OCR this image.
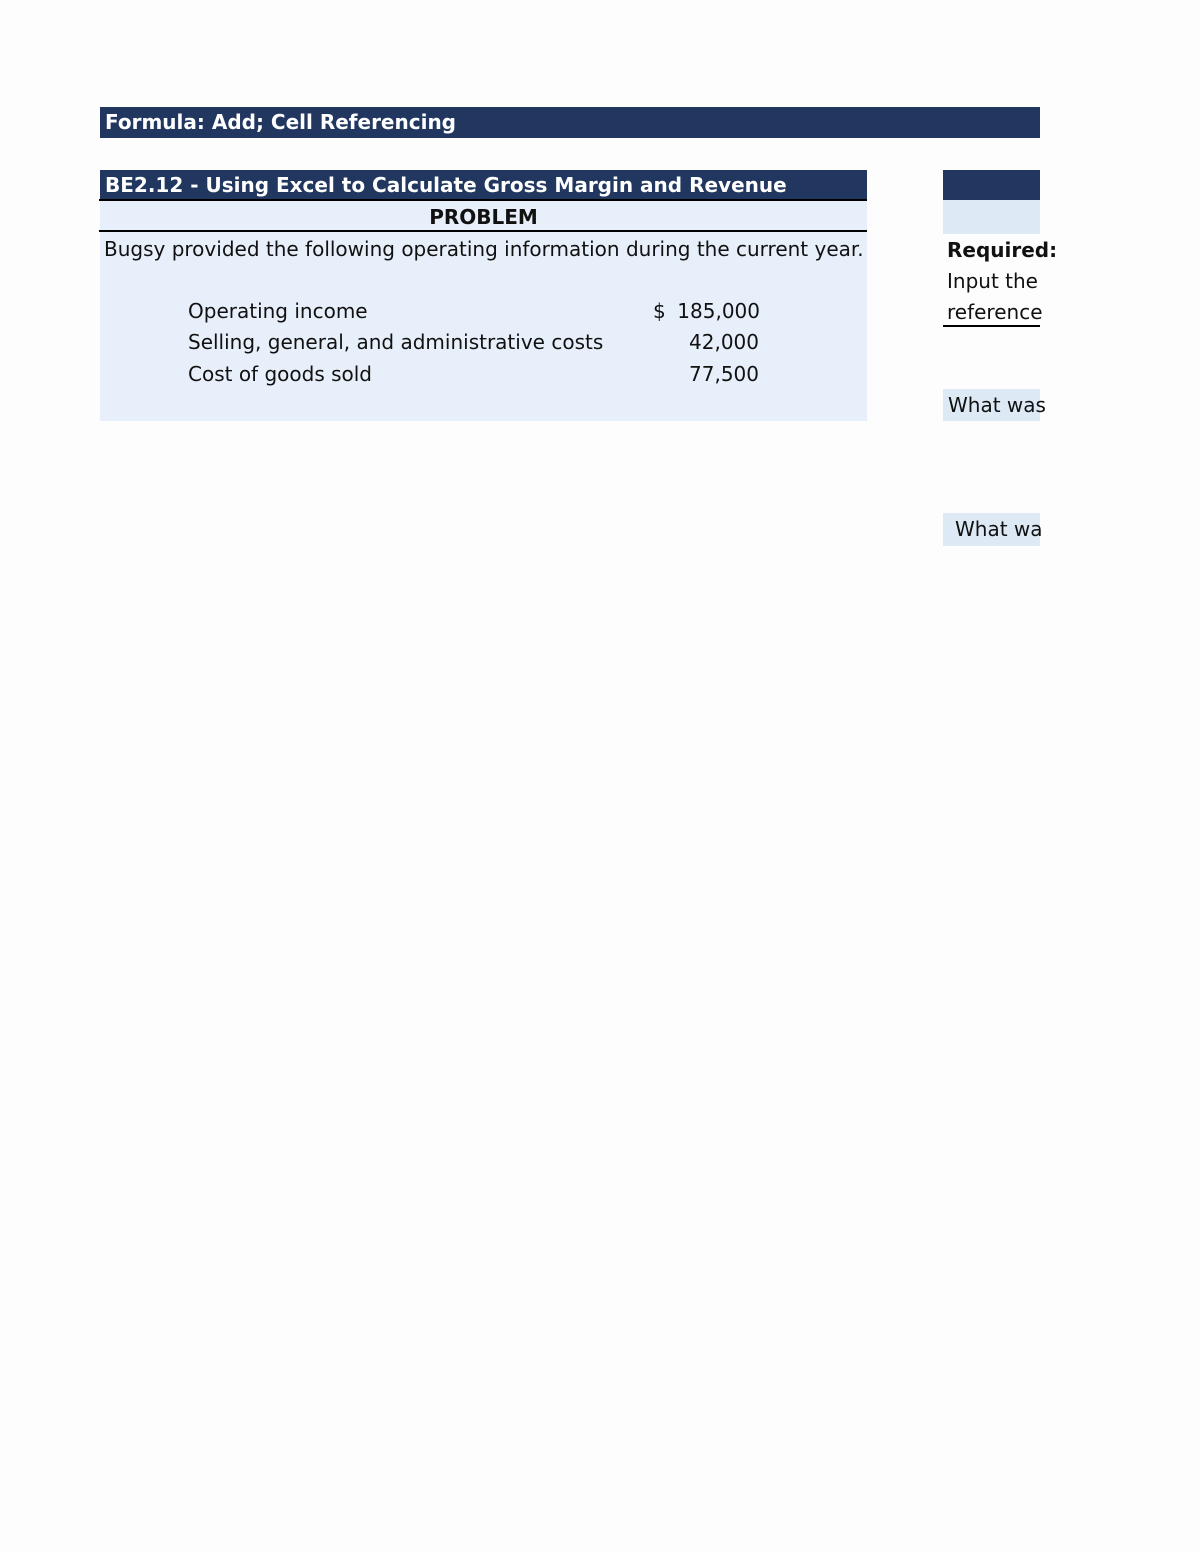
Formula: Add; Cell Referencing
BE2.12 - Using Excel to Calculate Gross Margin and Revenue
PROBLEM
Bugsy provided the following operating information during the current year.
Operating income	$ 185,000
Selling, general, and administrative costs	42,000
Cost of goods sold	77,500
Required:
Input the
reference
What was
What wa
